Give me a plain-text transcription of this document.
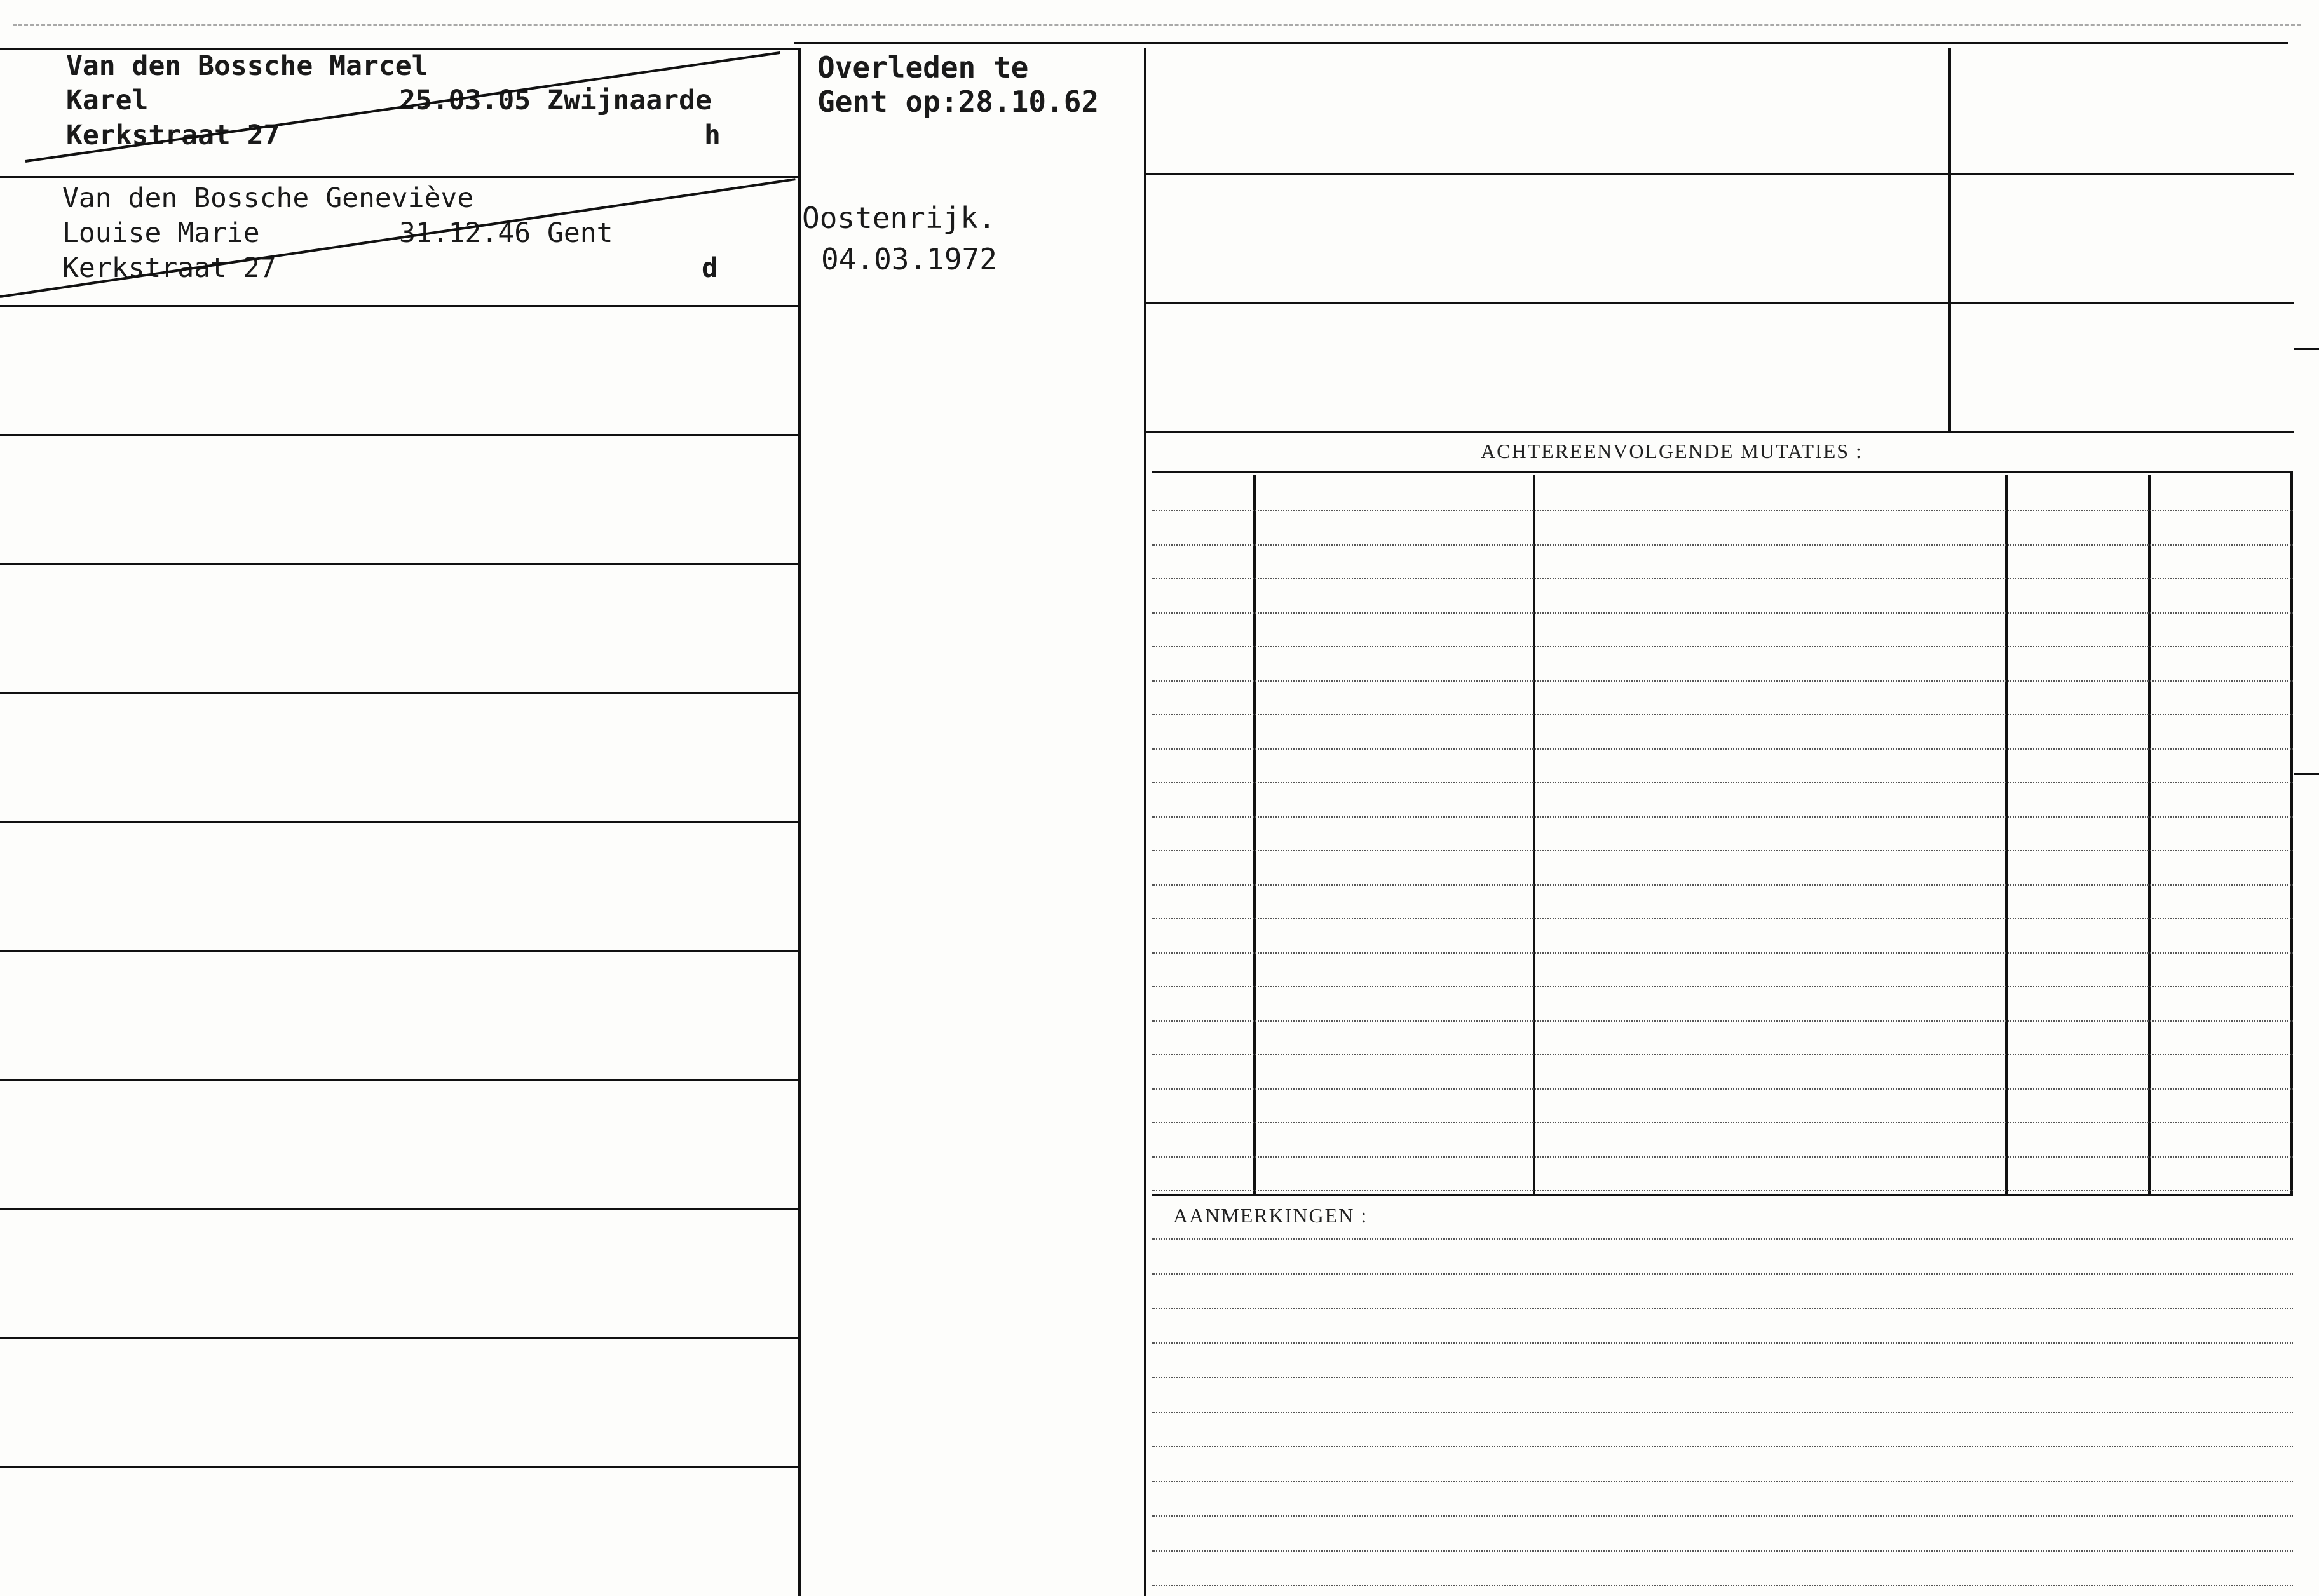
ACHTEREENVOLGENDE MUTATIES :
AANMERKINGEN :
Van den Bossche Marcel
Karel	25.03.05 Zwijnaarde
Kerkstraat 27	h
Overleden te
Gent op:28.10.62
Van den Bossche Geneviève
Louise Marie	31.12.46 Gent
Kerkstraat 27	d
Oostenrijk.
04.03.1972
